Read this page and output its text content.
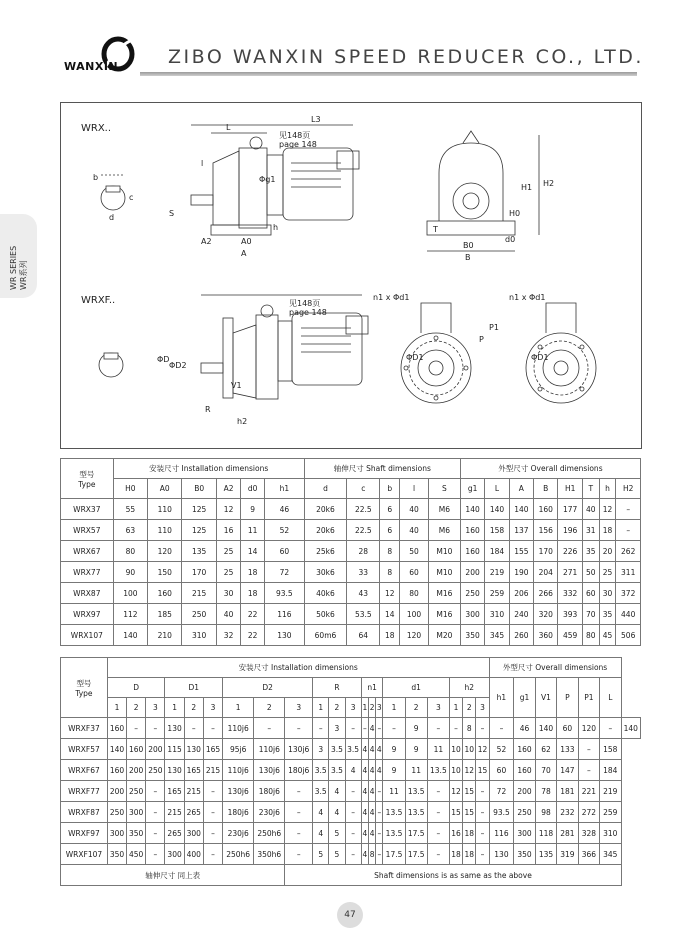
WANXIN	ZIBO WANXIN SPEED REDUCER CO., LTD.
WR SERIES WR系列
WRX..
WRXF..
见148页
page 148
见148页
page 148
L
L3
l
S
h
A2	A0
A
b
c
d
Φg1
H1 H2
H0
T
B0
B
d0
ΦD
ΦD2
V1
R
h2
n1 x Φd1	n1 x Φd1
P
P1
ΦD1	ΦD1
型号
Type	安装尺寸 Installation dimensions						轴伸尺寸 Shaft dimensions					外型尺寸 Overall dimensions							
	H0	A0	B0	A2	d0	h1	d	c	b	l	S	g1	L	A	B	H1	T	h	H2
WRX37	55	110	125	12	9	46	20k6	22.5	6	40	M6	140	140	140	160	177	40	12	–
WRX57	63	110	125	16	11	52	20k6	22.5	6	40	M6	160	158	137	156	196	31	18	–
WRX67	80	120	135	25	14	60	25k6	28	8	50	M10	160	184	155	170	226	35	20	262
WRX77	90	150	170	25	18	72	30k6	33	8	60	M10	200	219	190	204	271	50	25	311
WRX87	100	160	215	30	18	93.5	40k6	43	12	80	M16	250	259	206	266	332	60	30	372
WRX97	112	185	250	40	22	116	50k6	53.5	14	100	M16	300	310	240	320	393	70	35	440
WRX107	140	210	310	32	22	130	60m6	64	18	120	M20	350	345	260	360	459	80	45	506
型号
Type	安装尺寸 Installation dimensions																					外型尺寸 Overall dimensions						
	D			D1			D2			R			n1			d1			h2			h1	g1	V1	P	P1	L	
	1	2	3	1	2	3	1	2	3	1	2	3	1	2	3	1	2	3	1	2	3							
WRXF37	160	–	–	130	–	–	110j6	–	–	–	3	–	–	4	–	–	9	–	–	8	–	–	46	140	60	120	–	140
WRXF57	140	160	200	115	130	165	95j6	110j6	130j6	3	3.5	3.5	4	4	4	9	9	11	10	10	12	52	160	62	133	–	158	
WRXF67	160	200	250	130	165	215	110j6	130j6	180j6	3.5	3.5	4	4	4	4	9	11	13.5	10	12	15	60	160	70	147	–	184	
WRXF77	200	250	–	165	215	–	130j6	180j6	–	3.5	4	–	4	4	–	11	13.5	–	12	15	–	72	200	78	181	221	219	
WRXF87	250	300	–	215	265	–	180j6	230j6	–	4	4	–	4	4	–	13.5	13.5	–	15	15	–	93.5	250	98	232	272	259	
WRXF97	300	350	–	265	300	–	230j6	250h6	–	4	5	–	4	4	–	13.5	17.5	–	16	18	–	116	300	118	281	328	310	
WRXF107	350	450	–	300	400	–	250h6	350h6	–	5	5	–	4	8	–	17.5	17.5	–	18	18	–	130	350	135	319	366	345	
轴伸尺寸 同上表									Shaft dimensions is as same as the above																			
47
